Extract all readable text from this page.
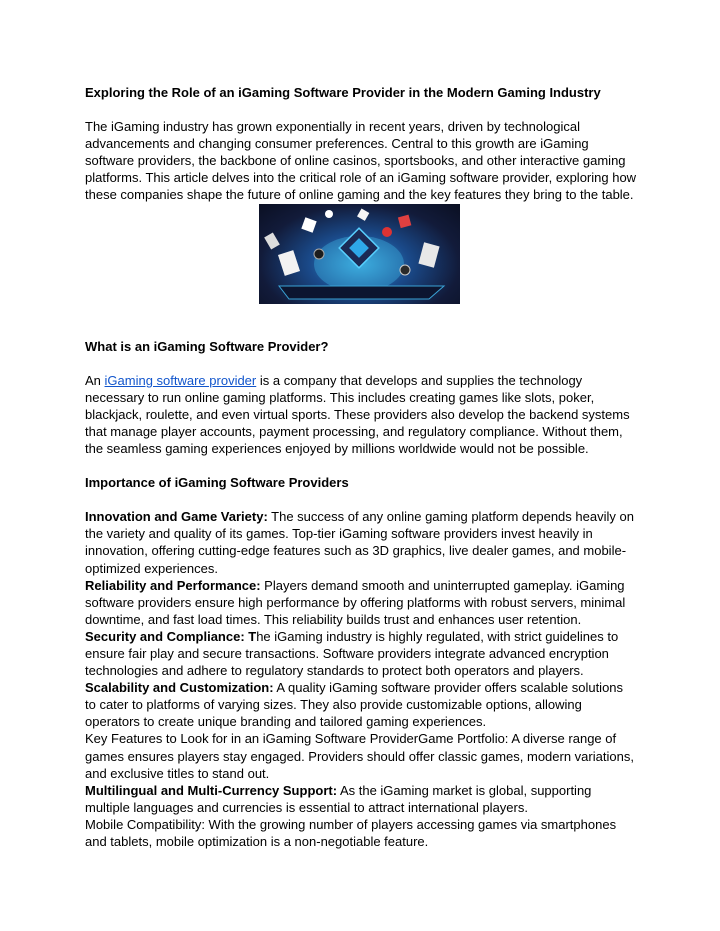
Exploring the Role of an iGaming Software Provider in the Modern Gaming Industry

The iGaming industry has grown exponentially in recent years, driven by technological advancements and changing consumer preferences. Central to this growth are iGaming software providers, the backbone of online casinos, sportsbooks, and other interactive gaming platforms. This article delves into the critical role of an iGaming software provider, exploring how these companies shape the future of online gaming and the key features they bring to the table.

What is an iGaming Software Provider?

An iGaming software provider is a company that develops and supplies the technology necessary to run online gaming platforms. This includes creating games like slots, poker, blackjack, roulette, and even virtual sports. These providers also develop the backend systems that manage player accounts, payment processing, and regulatory compliance. Without them, the seamless gaming experiences enjoyed by millions worldwide would not be possible.

Importance of iGaming Software Providers

Innovation and Game Variety: The success of any online gaming platform depends heavily on the variety and quality of its games. Top-tier iGaming software providers invest heavily in innovation, offering cutting-edge features such as 3D graphics, live dealer games, and mobile-optimized experiences.

Reliability and Performance: Players demand smooth and uninterrupted gameplay. iGaming software providers ensure high performance by offering platforms with robust servers, minimal downtime, and fast load times. This reliability builds trust and enhances user retention.

Security and Compliance: The iGaming industry is highly regulated, with strict guidelines to ensure fair play and secure transactions. Software providers integrate advanced encryption technologies and adhere to regulatory standards to protect both operators and players.

Scalability and Customization: A quality iGaming software provider offers scalable solutions to cater to platforms of varying sizes. They also provide customizable options, allowing operators to create unique branding and tailored gaming experiences.

Key Features to Look for in an iGaming Software ProviderGame Portfolio: A diverse range of games ensures players stay engaged. Providers should offer classic games, modern variations, and exclusive titles to stand out.

Multilingual and Multi-Currency Support: As the iGaming market is global, supporting multiple languages and currencies is essential to attract international players.

Mobile Compatibility: With the growing number of players accessing games via smartphones and tablets, mobile optimization is a non-negotiable feature.
